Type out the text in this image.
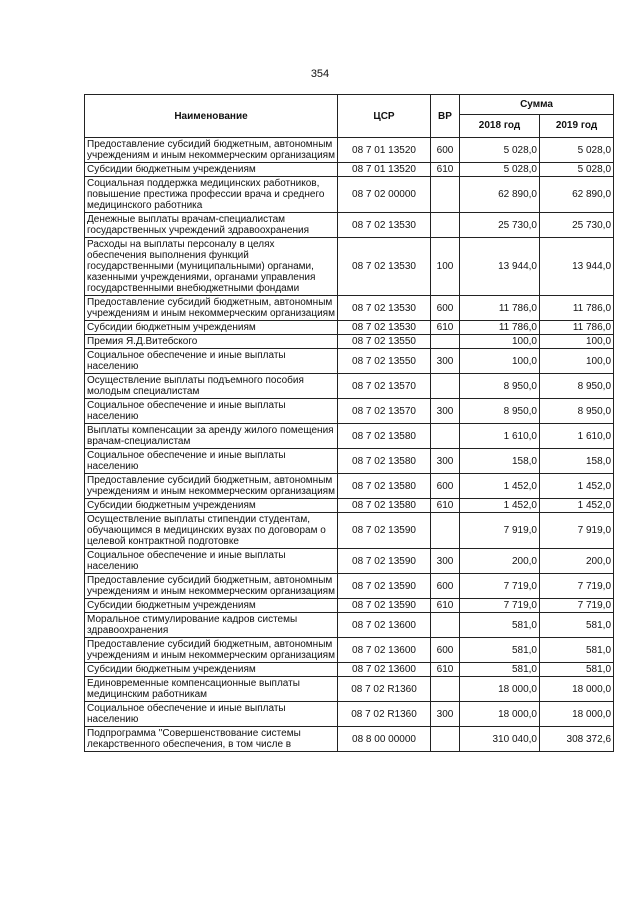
354
Наименование	ЦСР	ВР	Сумма	
			2018 год	2019 год
Предоставление субсидий бюджетным, автономным учреждениям и иным некоммерческим организациям	08 7 01 13520	600	5 028,0	5 028,0
Субсидии бюджетным учреждениям	08 7 01 13520	610	5 028,0	5 028,0
Социальная поддержка медицинских работников, повышение престижа профессии врача и среднего медицинского работника	08 7 02 00000		62 890,0	62 890,0
Денежные выплаты врачам-специалистам государственных учреждений здравоохранения	08 7 02 13530		25 730,0	25 730,0
Расходы на выплаты персоналу в целях обеспечения выполнения функций государственными (муниципальными) органами, казенными учреждениями, органами управления государственными внебюджетными фондами	08 7 02 13530	100	13 944,0	13 944,0
Предоставление субсидий бюджетным, автономным учреждениям и иным некоммерческим организациям	08 7 02 13530	600	11 786,0	11 786,0
Субсидии бюджетным учреждениям	08 7 02 13530	610	11 786,0	11 786,0
Премия Я.Д.Витебского	08 7 02 13550		100,0	100,0
Социальное обеспечение и иные выплаты населению	08 7 02 13550	300	100,0	100,0
Осуществление выплаты подъемного пособия молодым специалистам	08 7 02 13570		8 950,0	8 950,0
Социальное обеспечение и иные выплаты населению	08 7 02 13570	300	8 950,0	8 950,0
Выплаты компенсации за аренду жилого помещения врачам-специалистам	08 7 02 13580		1 610,0	1 610,0
Социальное обеспечение и иные выплаты населению	08 7 02 13580	300	158,0	158,0
Предоставление субсидий бюджетным, автономным учреждениям и иным некоммерческим организациям	08 7 02 13580	600	1 452,0	1 452,0
Субсидии бюджетным учреждениям	08 7 02 13580	610	1 452,0	1 452,0
Осуществление выплаты стипендии студентам, обучающимся в медицинских вузах по договорам о целевой контрактной подготовке	08 7 02 13590		7 919,0	7 919,0
Социальное обеспечение и иные выплаты населению	08 7 02 13590	300	200,0	200,0
Предоставление субсидий бюджетным, автономным учреждениям и иным некоммерческим организациям	08 7 02 13590	600	7 719,0	7 719,0
Субсидии бюджетным учреждениям	08 7 02 13590	610	7 719,0	7 719,0
Моральное стимулирование кадров системы здравоохранения	08 7 02 13600		581,0	581,0
Предоставление субсидий бюджетным, автономным учреждениям и иным некоммерческим организациям	08 7 02 13600	600	581,0	581,0
Субсидии бюджетным учреждениям	08 7 02 13600	610	581,0	581,0
Единовременные компенсационные выплаты медицинским работникам	08 7 02 R1360		18 000,0	18 000,0
Социальное обеспечение и иные выплаты населению	08 7 02 R1360	300	18 000,0	18 000,0
Подпрограмма "Совершенствование системы лекарственного обеспечения, в том числе в	08 8 00 00000		310 040,0	308 372,6
